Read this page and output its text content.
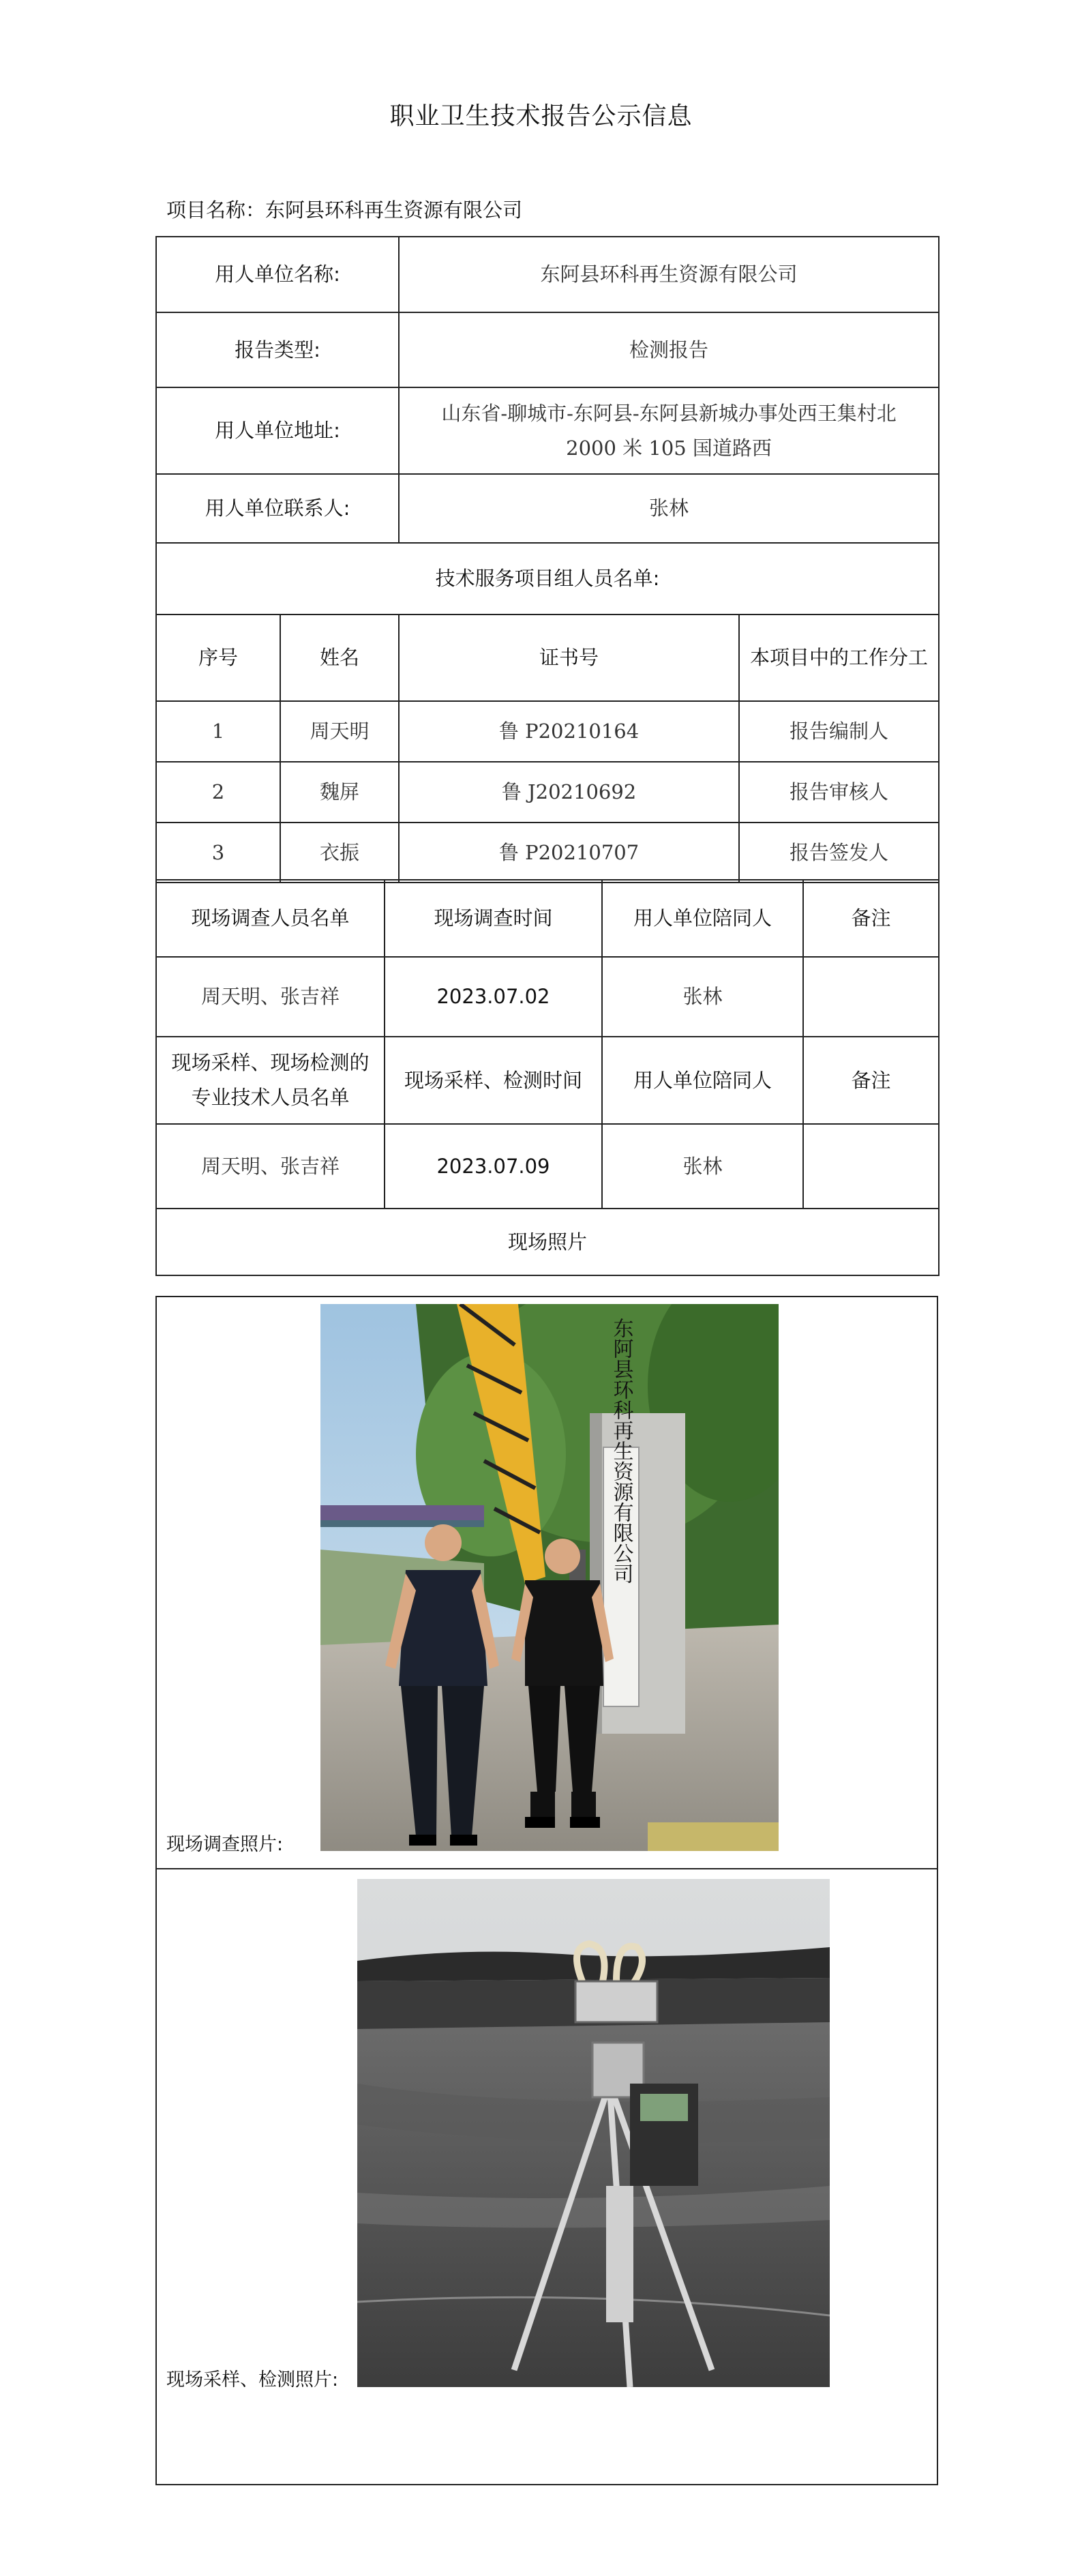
职业卫生技术报告公示信息
项目名称：东阿县环科再生资源有限公司
用人单位名称:		东阿县环科再生资源有限公司	
报告类型:		检测报告	
用人单位地址:		山东省-聊城市-东阿县-东阿县新城办事处西王集村北
2000 米 105 国道路西	

用人单位联系人:		张林	
技术服务项目组人员名单:			
序号	姓名	证书号	本项目中的工作分工
1	周天明	鲁 P20210164	报告编制人
2	魏屏	鲁 J20210692	报告审核人
3	衣振	鲁 P20210707	报告签发人
现场调查人员名单	现场调查时间	用人单位陪同人	备注
周天明、张吉祥	2023.07.02	张林	
现场采样、现场检测的专业技术人员名单	现场采样、检测时间	用人单位陪同人	备注
周天明、张吉祥	2023.07.09	张林	
现场照片			

现场调查照片:
现场采样、检测照片:
东阿县环科再生资源有限公司
